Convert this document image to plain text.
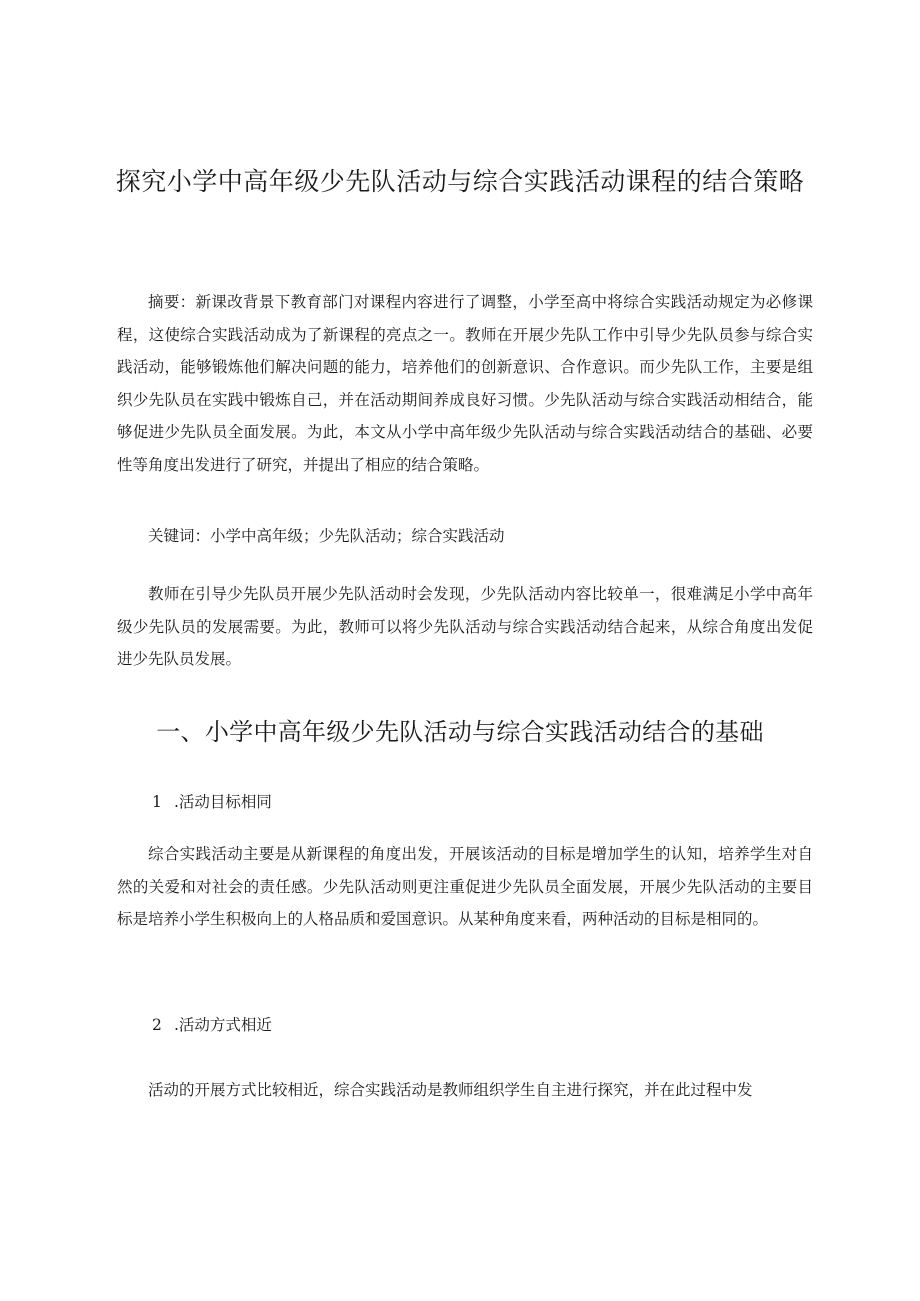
探究小学中高年级少先队活动与综合实践活动课程的结合策略

摘要：新课改背景下教育部门对课程内容进行了调整，小学至高中将综合实践活动规定为必修课程，这使综合实践活动成为了新课程的亮点之一。教师在开展少先队工作中引导少先队员参与综合实践活动，能够锻炼他们解决问题的能力，培养他们的创新意识、合作意识。而少先队工作，主要是组织少先队员在实践中锻炼自己，并在活动期间养成良好习惯。少先队活动与综合实践活动相结合，能够促进少先队员全面发展。为此，本文从小学中高年级少先队活动与综合实践活动结合的基础、必要性等角度出发进行了研究，并提出了相应的结合策略。

关键词：小学中高年级；少先队活动；综合实践活动

教师在引导少先队员开展少先队活动时会发现，少先队活动内容比较单一，很难满足小学中高年级少先队员的发展需要。为此，教师可以将少先队活动与综合实践活动结合起来，从综合角度出发促进少先队员发展。

一、小学中高年级少先队活动与综合实践活动结合的基础
1 .活动目标相同

综合实践活动主要是从新课程的角度出发，开展该活动的目标是增加学生的认知，培养学生对自然的关爱和对社会的责任感。少先队活动则更注重促进少先队员全面发展，开展少先队活动的主要目标是培养小学生积极向上的人格品质和爱国意识。从某种角度来看，两种活动的目标是相同的。

2 .活动方式相近

活动的开展方式比较相近，综合实践活动是教师组织学生自主进行探究，并在此过程中发
